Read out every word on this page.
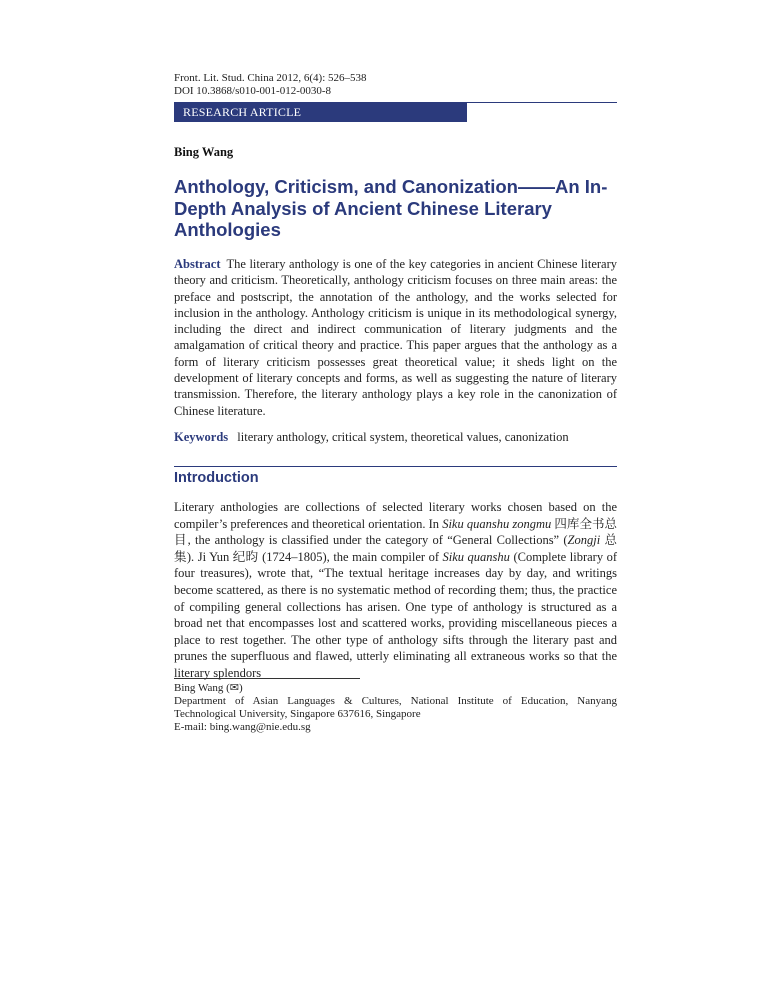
Front. Lit. Stud. China 2012, 6(4): 526–538
DOI 10.3868/s010-001-012-0030-8
RESEARCH ARTICLE
Bing Wang
Anthology, Criticism, and Canonization——An In-Depth Analysis of Ancient Chinese Literary Anthologies

Abstract The literary anthology is one of the key categories in ancient Chinese literary theory and criticism. Theoretically, anthology criticism focuses on three main areas: the preface and postscript, the annotation of the anthology, and the works selected for inclusion in the anthology. Anthology criticism is unique in its methodological synergy, including the direct and indirect communication of literary judgments and the amalgamation of critical theory and practice. This paper argues that the anthology as a form of literary criticism possesses great theoretical value; it sheds light on the development of literary concepts and forms, as well as suggesting the nature of literary transmission. Therefore, the literary anthology plays a key role in the canonization of Chinese literature.

Keywords literary anthology, critical system, theoretical values, canonization

Introduction

Literary anthologies are collections of selected literary works chosen based on the compiler’s preferences and theoretical orientation. In Siku quanshu zongmu 四库全书总目, the anthology is classified under the category of “General Collections” (Zongji 总集). Ji Yun 纪昀 (1724–1805), the main compiler of Siku quanshu (Complete library of four treasures), wrote that, “The textual heritage increases day by day, and writings become scattered, as there is no systematic method of recording them; thus, the practice of compiling general collections has arisen. One type of anthology is structured as a broad net that encompasses lost and scattered works, providing miscellaneous pieces a place to rest together. The other type of anthology sifts through the literary past and prunes the superfluous and flawed, utterly eliminating all extraneous works so that the literary splendors

Bing Wang (✉)
Department of Asian Languages & Cultures, National Institute of Education, Nanyang Technological University, Singapore 637616, Singapore
E-mail: bing.wang@nie.edu.sg
